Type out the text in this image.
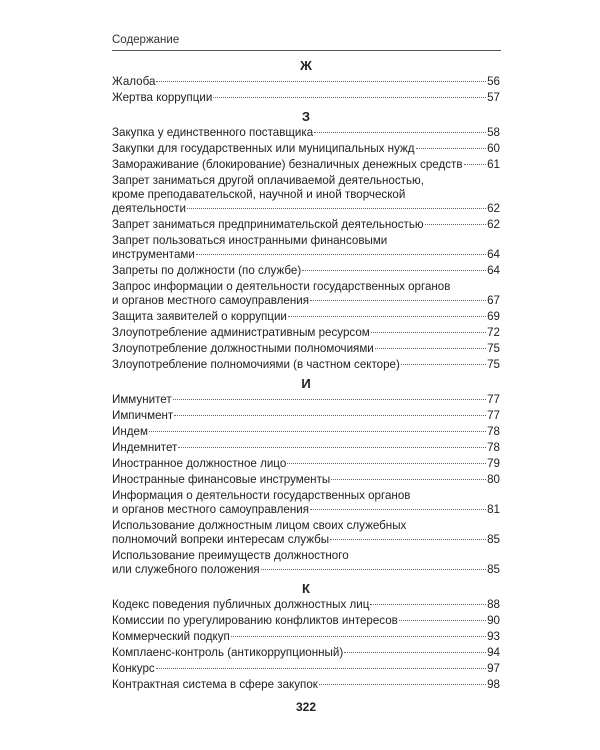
Содержание
Ж
Жалоба	56
Жертва коррупции	57
З
Закупка у единственного поставщика	58
Закупки для государственных или муниципальных нужд	60
Замораживание (блокирование) безналичных денежных средств 61
Запрет заниматься другой оплачиваемой деятельностью,
кроме преподавательской, научной и иной творческой
деятельности	62
Запрет заниматься предпринимательской деятельностью	62
Запрет пользоваться иностранными финансовыми
инструментами	64
Запреты по должности (по службе)	64
Запрос информации о деятельности государственных органов
и органов местного самоуправления	67
Защита заявителей о коррупции	69
Злоупотребление административным ресурсом	72
Злоупотребление должностными полномочиями	75
Злоупотребление полномочиями (в частном секторе)	75
И
Иммунитет	77
Импичмент	77
Индем	78
Индемнитет	78
Иностранное должностное лицо	79
Иностранные финансовые инструменты	80
Информация о деятельности государственных органов
и органов местного самоуправления	81
Использование должностным лицом своих служебных
полномочий вопреки интересам службы	85
Использование преимуществ должностного
или служебного положения	85
К
Кодекс поведения публичных должностных лиц	88
Комиссии по урегулированию конфликтов интересов	90
Коммерческий подкуп	93
Комплаенс-контроль (антикоррупционный)	94
Конкурс	97
Контрактная система в сфере закупок	98
322
